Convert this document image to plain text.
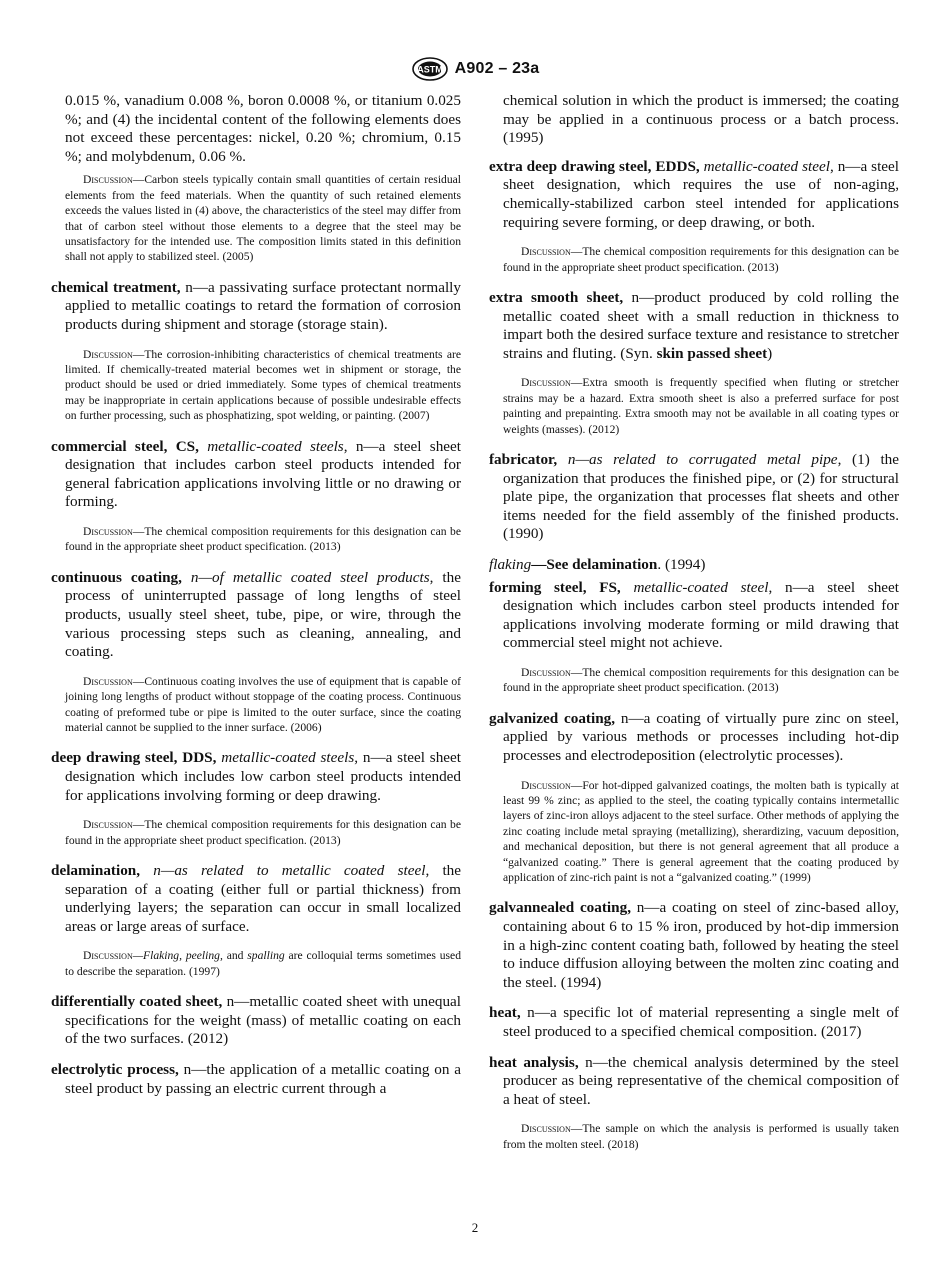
ASTM A902 – 23a

0.015 %, vanadium 0.008 %, boron 0.0008 %, or titanium 0.025 %; and (4) the incidental content of the following elements does not exceed these percentages: nickel, 0.20 %; chromium, 0.15 %; and molybdenum, 0.06 %.

Discussion—Carbon steels typically contain small quantities of certain residual elements from the feed materials. When the quantity of such retained elements exceeds the values listed in (4) above, the characteristics of the steel may differ from that of carbon steel without those elements to a degree that the steel may be unsatisfactory for the intended use. The composition limits stated in this definition shall not apply to stabilized steel. (2005)

chemical treatment, n—a passivating surface protectant normally applied to metallic coatings to retard the formation of corrosion products during shipment and storage (storage stain).

Discussion—The corrosion-inhibiting characteristics of chemical treatments are limited. If chemically-treated material becomes wet in shipment or storage, the product should be used or dried immediately. Some types of chemical treatments may be inappropriate in certain applications because of possible undesirable effects on further processing, such as phosphatizing, spot welding, or painting. (2007)

commercial steel, CS, metallic-coated steels, n—a steel sheet designation that includes carbon steel products intended for general fabrication applications involving little or no drawing or forming.

Discussion—The chemical composition requirements for this designation can be found in the appropriate sheet product specification. (2013)

continuous coating, n—of metallic coated steel products, the process of uninterrupted passage of long lengths of steel products, usually steel sheet, tube, pipe, or wire, through the various processing steps such as cleaning, annealing, and coating.

Discussion—Continuous coating involves the use of equipment that is capable of joining long lengths of product without stoppage of the coating process. Continuous coating of preformed tube or pipe is limited to the outer surface, since the coating material cannot be supplied to the inner surface. (2006)

deep drawing steel, DDS, metallic-coated steels, n—a steel sheet designation which includes low carbon steel products intended for applications involving forming or deep drawing.

Discussion—The chemical composition requirements for this designation can be found in the appropriate sheet product specification. (2013)

delamination, n—as related to metallic coated steel, the separation of a coating (either full or partial thickness) from underlying layers; the separation can occur in small localized areas or large areas of surface.

Discussion—Flaking, peeling, and spalling are colloquial terms sometimes used to describe the separation. (1997)

differentially coated sheet, n—metallic coated sheet with unequal specifications for the weight (mass) of metallic coating on each of the two surfaces. (2012)

electrolytic process, n—the application of a metallic coating on a steel product by passing an electric current through a

chemical solution in which the product is immersed; the coating may be applied in a continuous process or a batch process. (1995)

extra deep drawing steel, EDDS, metallic-coated steel, n—a steel sheet designation, which requires the use of non-aging, chemically-stabilized carbon steel intended for applications requiring severe forming, or deep drawing, or both.

Discussion—The chemical composition requirements for this designation can be found in the appropriate sheet product specification. (2013)

extra smooth sheet, n—product produced by cold rolling the metallic coated sheet with a small reduction in thickness to impart both the desired surface texture and resistance to stretcher strains and fluting. (Syn. skin passed sheet)

Discussion—Extra smooth is frequently specified when fluting or stretcher strains may be a hazard. Extra smooth sheet is also a preferred surface for post painting and prepainting. Extra smooth may not be available in all coating types or weights (masses). (2012)

fabricator, n—as related to corrugated metal pipe, (1) the organization that produces the finished pipe, or (2) for structural plate pipe, the organization that processes flat sheets and other items needed for the field assembly of the finished products. (1990)

flaking—See delamination. (1994)

forming steel, FS, metallic-coated steel, n—a steel sheet designation which includes carbon steel products intended for applications involving moderate forming or mild drawing that commercial steel might not achieve.

Discussion—The chemical composition requirements for this designation can be found in the appropriate sheet product specification. (2013)

galvanized coating, n—a coating of virtually pure zinc on steel, applied by various methods or processes including hot-dip processes and electrodeposition (electrolytic processes).

Discussion—For hot-dipped galvanized coatings, the molten bath is typically at least 99 % zinc; as applied to the steel, the coating typically contains intermetallic layers of zinc-iron alloys adjacent to the steel surface. Other methods of applying the zinc coating include metal spraying (metallizing), sherardizing, vacuum deposition, and mechanical deposition, but there is not general agreement that all produce a “galvanized coating.” There is general agreement that the coating produced by application of zinc-rich paint is not a “galvanized coating.” (1999)

galvannealed coating, n—a coating on steel of zinc-based alloy, containing about 6 to 15 % iron, produced by hot-dip immersion in a high-zinc content coating bath, followed by heating the steel to induce diffusion alloying between the molten zinc coating and the steel. (1994)

heat, n—a specific lot of material representing a single melt of steel produced to a specified chemical composition. (2017)

heat analysis, n—the chemical analysis determined by the steel producer as being representative of the chemical composition of a heat of steel.

Discussion—The sample on which the analysis is performed is usually taken from the molten steel. (2018)

2
